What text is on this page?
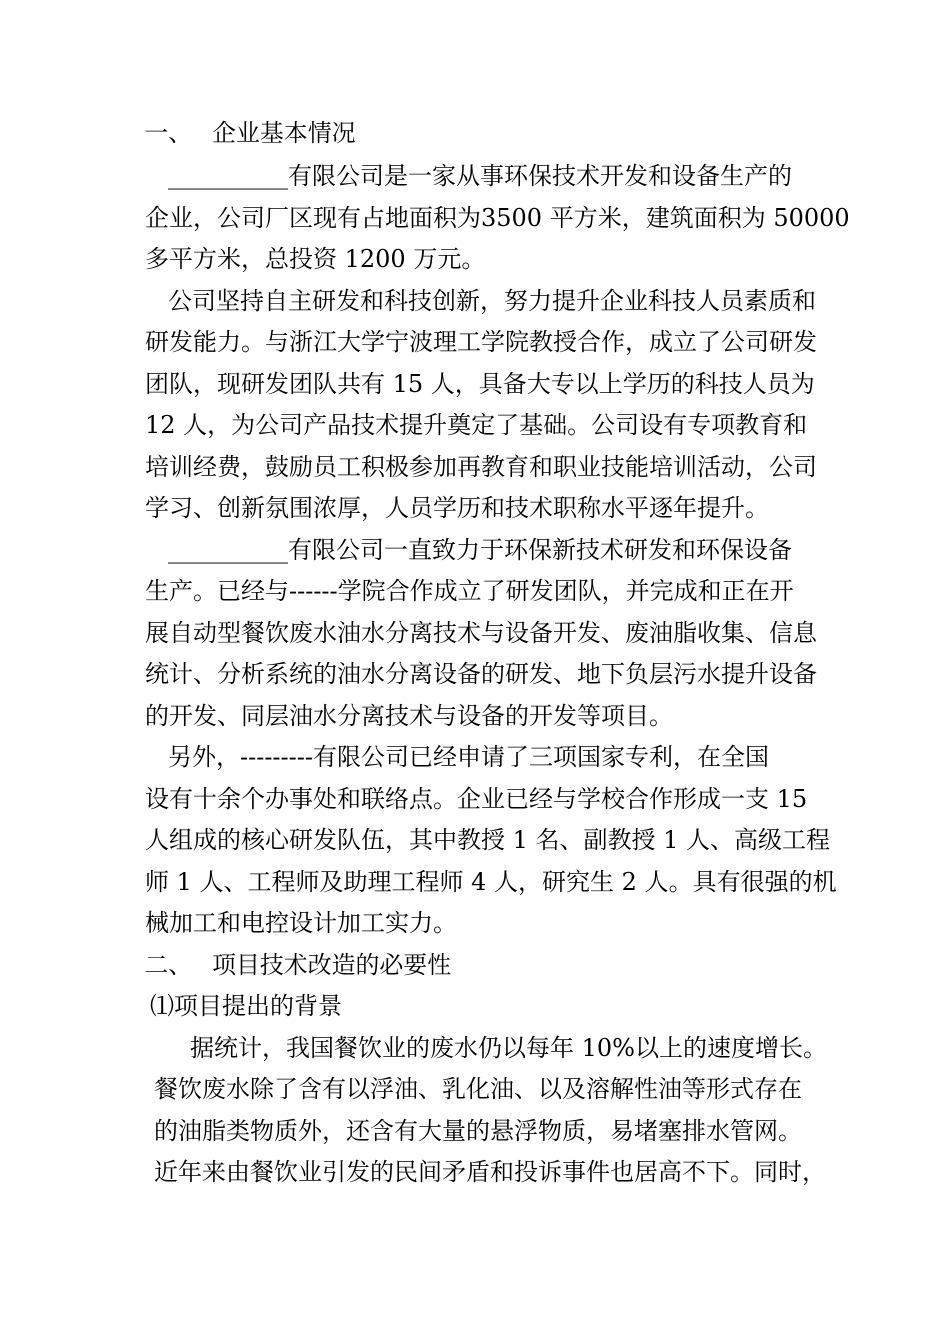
一、 企业基本情况
__________有限公司是一家从事环保技术开发和设备生产的
企业，公司厂区现有占地面积为3500 平方米，建筑面积为 50000
多平方米，总投资 1200 万元。
公司坚持自主研发和科技创新，努力提升企业科技人员素质和
研发能力。与浙江大学宁波理工学院教授合作，成立了公司研发
团队，现研发团队共有 15 人，具备大专以上学历的科技人员为
12 人，为公司产品技术提升奠定了基础。公司设有专项教育和
培训经费，鼓励员工积极参加再教育和职业技能培训活动，公司
学习、创新氛围浓厚，人员学历和技术职称水平逐年提升。
__________有限公司一直致力于环保新技术研发和环保设备
生产。已经与------学院合作成立了研发团队，并完成和正在开
展自动型餐饮废水油水分离技术与设备开发、废油脂收集、信息
统计、分析系统的油水分离设备的研发、地下负层污水提升设备
的开发、同层油水分离技术与设备的开发等项目。
另外，---------有限公司已经申请了三项国家专利，在全国
设有十余个办事处和联络点。企业已经与学校合作形成一支 15
人组成的核心研发队伍，其中教授 1 名、副教授 1 人、高级工程
师 1 人、工程师及助理工程师 4 人，研究生 2 人。具有很强的机
械加工和电控设计加工实力。
二、 项目技术改造的必要性
⑴项目提出的背景
据统计，我国餐饮业的废水仍以每年 10%以上的速度增长。
餐饮废水除了含有以浮油、乳化油、以及溶解性油等形式存在
的油脂类物质外，还含有大量的悬浮物质，易堵塞排水管网。
近年来由餐饮业引发的民间矛盾和投诉事件也居高不下。同时，
